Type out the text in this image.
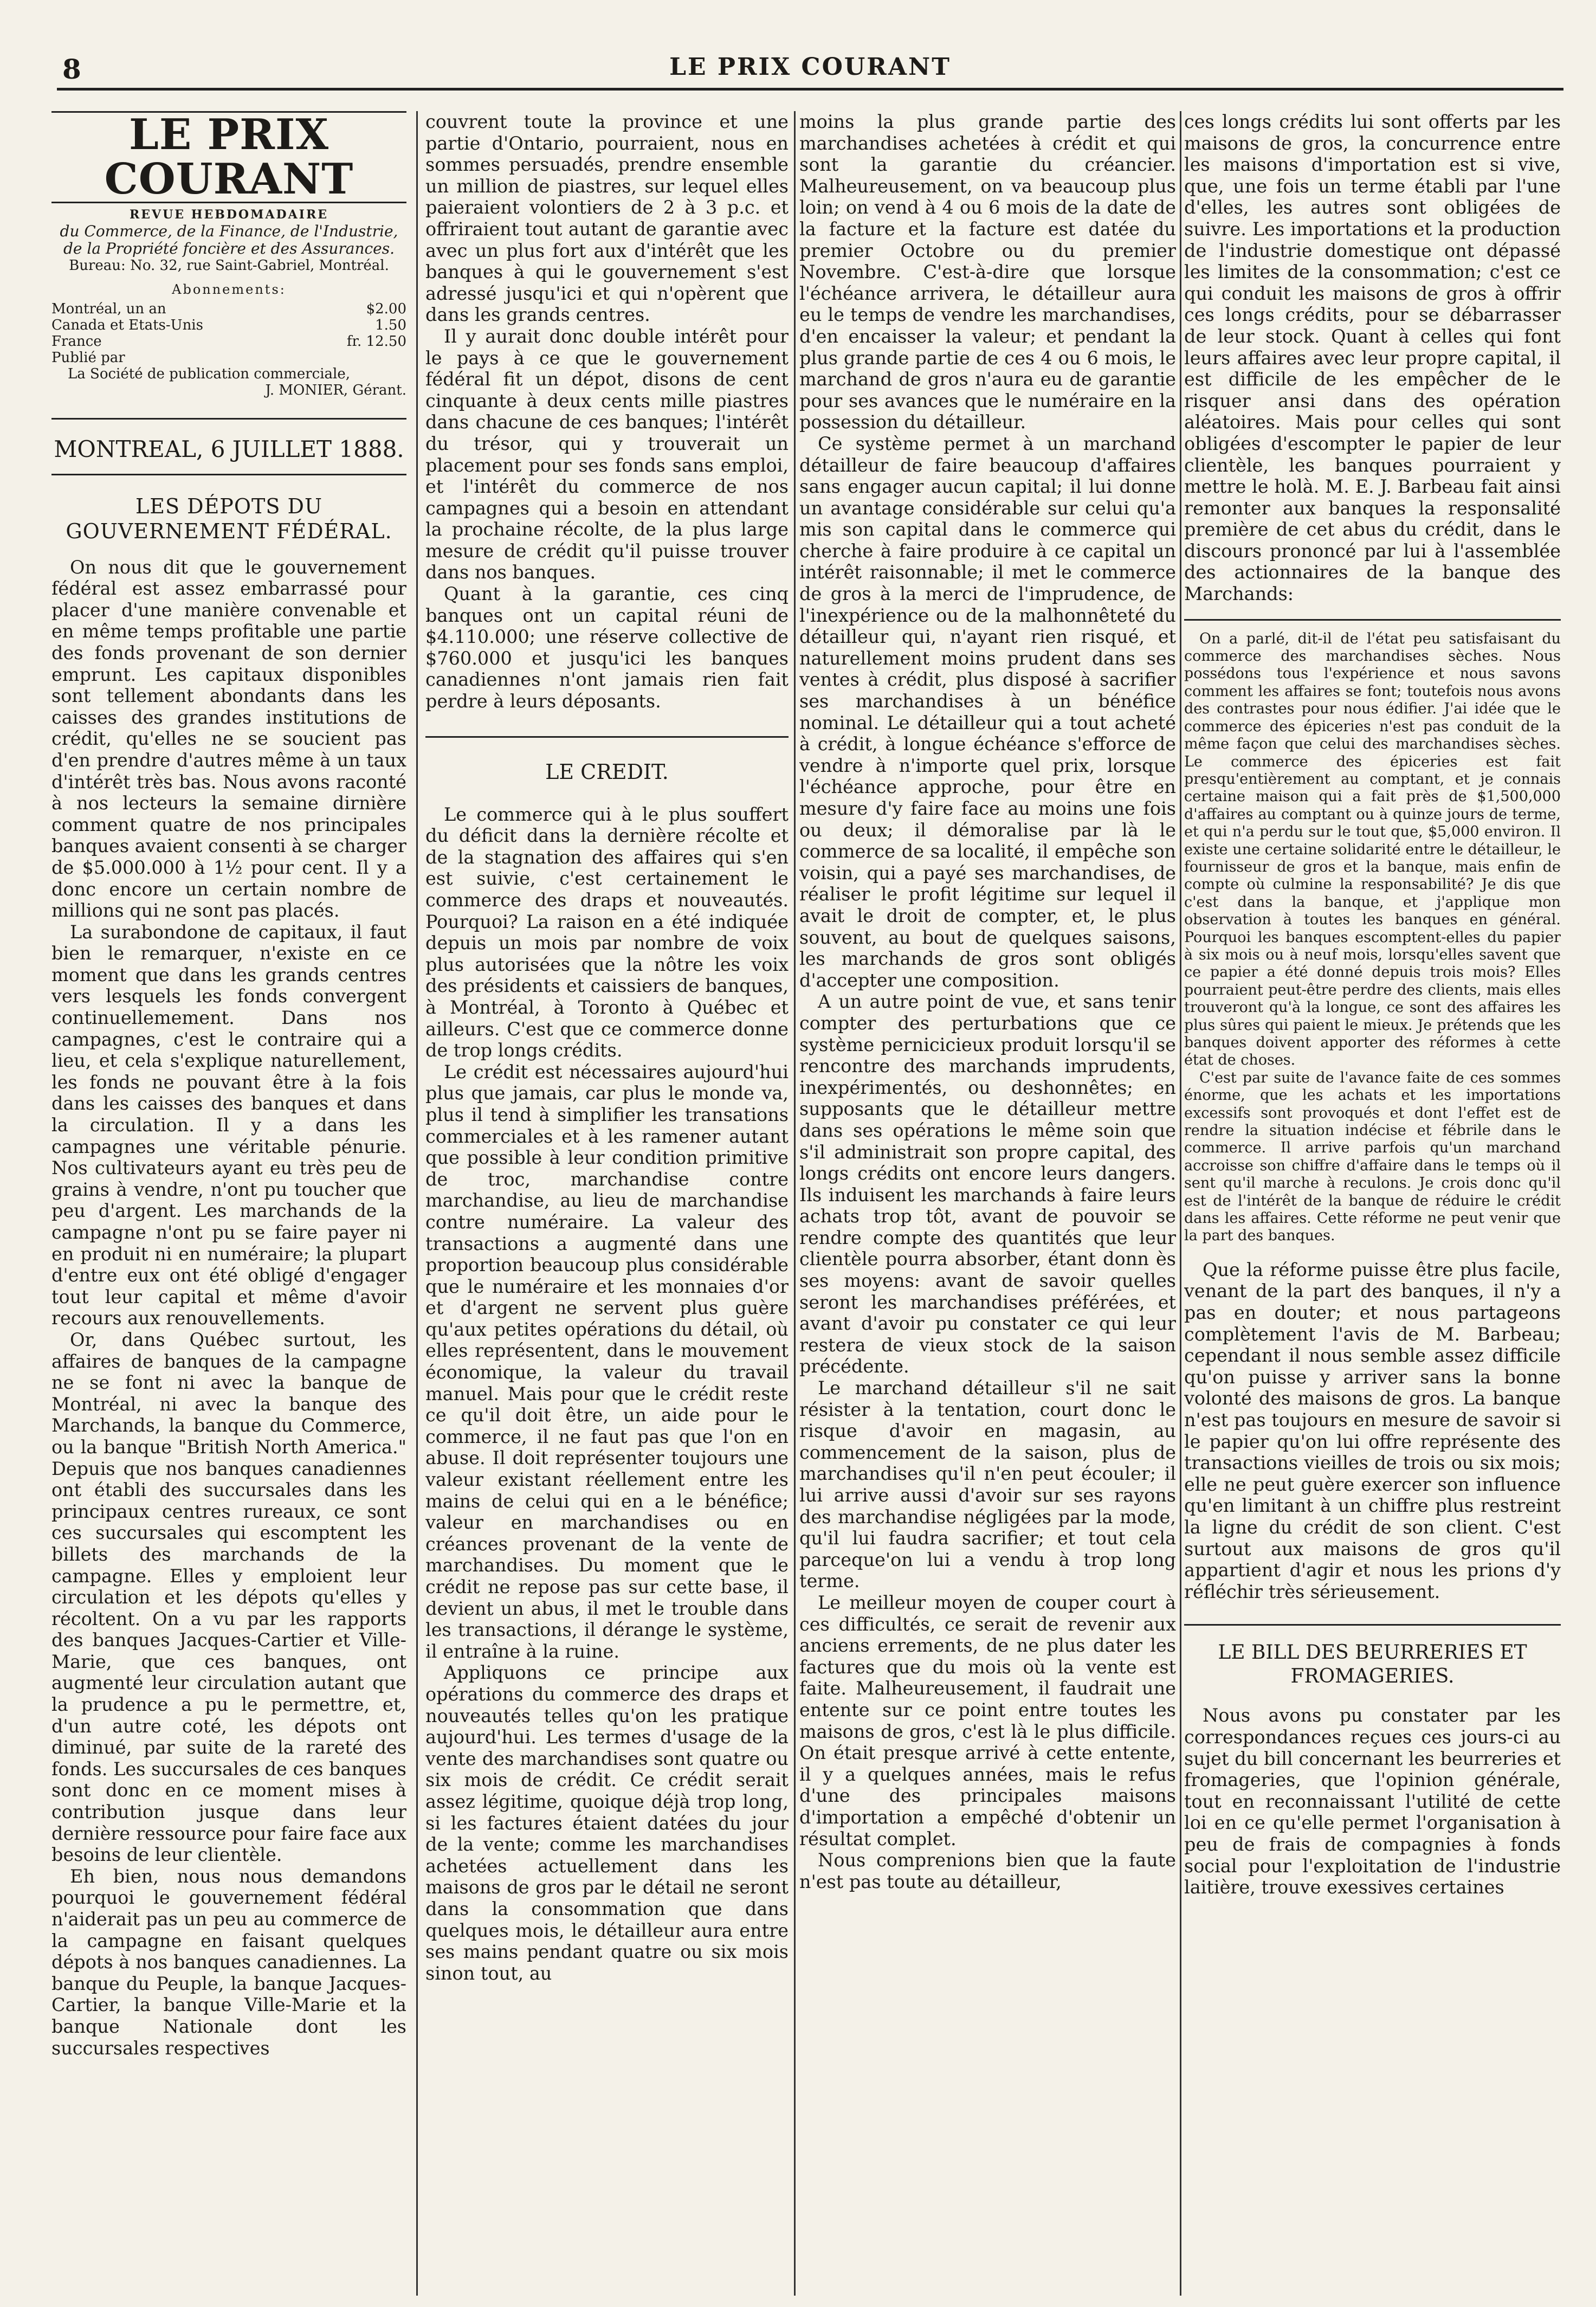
8	LE PRIX COURANT
LE PRIX COURANT
REVUE HEBDOMADAIRE
du Commerce, de la Finance, de l'Industrie, de la Propriété foncière et des Assurances.
Bureau: No. 32, rue Saint-Gabriel, Montréal.
Abonnements:
Montréal, un an	$2.00
Canada et Etats-Unis	1.50
France	fr. 12.50
Publié par
La Société de publication commerciale,
J. MONIER, Gérant.
MONTREAL, 6 JUILLET 1888.
LES DÉPOTS DU GOUVERNEMENT FÉDÉRAL.

On nous dit que le gouvernement fédéral est assez embarrassé pour placer d'une manière convenable et en même temps profitable une partie des fonds provenant de son dernier emprunt. Les capitaux disponibles sont tellement abondants dans les caisses des grandes institutions de crédit, qu'elles ne se soucient pas d'en prendre d'autres même à un taux d'intérêt très bas. Nous avons raconté à nos lecteurs la semaine dirnière comment quatre de nos principales banques avaient consenti à se charger de $5.000.000 à 1½ pour cent. Il y a donc encore un certain nombre de millions qui ne sont pas placés.

La surabondone de capitaux, il faut bien le remarquer, n'existe en ce moment que dans les grands centres vers lesquels les fonds convergent continuellemement. Dans nos campagnes, c'est le contraire qui a lieu, et cela s'explique naturellement, les fonds ne pouvant être à la fois dans les caisses des banques et dans la circulation. Il y a dans les campagnes une véritable pénurie. Nos cultivateurs ayant eu très peu de grains à vendre, n'ont pu toucher que peu d'argent. Les marchands de la campagne n'ont pu se faire payer ni en produit ni en numéraire; la plupart d'entre eux ont été obligé d'engager tout leur capital et même d'avoir recours aux renouvellements.

Or, dans Québec surtout, les affaires de banques de la campagne ne se font ni avec la banque de Montréal, ni avec la banque des Marchands, la banque du Commerce, ou la banque "British North America." Depuis que nos banques canadiennes ont établi des succursales dans les principaux centres rureaux, ce sont ces succursales qui escomptent les billets des marchands de la campagne. Elles y emploient leur circulation et les dépots qu'elles y récoltent. On a vu par les rapports des banques Jacques-Cartier et Ville-Marie, que ces banques, ont augmenté leur circulation autant que la prudence a pu le permettre, et, d'un autre coté, les dépots ont diminué, par suite de la rareté des fonds. Les succursales de ces banques sont donc en ce moment mises à contribution jusque dans leur dernière ressource pour faire face aux besoins de leur clientèle.

Eh bien, nous nous demandons pourquoi le gouvernement fédéral n'aiderait pas un peu au commerce de la campagne en faisant quelques dépots à nos banques canadiennes. La banque du Peuple, la banque Jacques-Cartier, la banque Ville-Marie et la banque Nationale dont les succursales respectives

couvrent toute la province et une partie d'Ontario, pourraient, nous en sommes persuadés, prendre ensemble un million de piastres, sur lequel elles paieraient volontiers de 2 à 3 p.c. et offriraient tout autant de garantie avec avec un plus fort aux d'intérêt que les banques à qui le gouvernement s'est adressé jusqu'ici et qui n'opèrent que dans les grands centres.

Il y aurait donc double intérêt pour le pays à ce que le gouvernement fédéral fit un dépot, disons de cent cinquante à deux cents mille piastres dans chacune de ces banques; l'intérêt du trésor, qui y trouverait un placement pour ses fonds sans emploi, et l'intérêt du commerce de nos campagnes qui a besoin en attendant la prochaine récolte, de la plus large mesure de crédit qu'il puisse trouver dans nos banques.

Quant à la garantie, ces cinq banques ont un capital réuni de $4.110.000; une réserve collective de $760.000 et jusqu'ici les banques canadiennes n'ont jamais rien fait perdre à leurs déposants.

LE CREDIT.

Le commerce qui à le plus souffert du déficit dans la dernière récolte et de la stagnation des affaires qui s'en est suivie, c'est certainement le commerce des draps et nouveautés. Pourquoi? La raison en a été indiquée depuis un mois par nombre de voix plus autorisées que la nôtre les voix des présidents et caissiers de banques, à Montréal, à Toronto à Québec et ailleurs. C'est que ce commerce donne de trop longs crédits.

Le crédit est nécessaires aujourd'hui plus que jamais, car plus le monde va, plus il tend à simplifier les transations commerciales et à les ramener autant que possible à leur condition primitive de troc, marchandise contre marchandise, au lieu de marchandise contre numéraire. La valeur des transactions a augmenté dans une proportion beaucoup plus considérable que le numéraire et les monnaies d'or et d'argent ne servent plus guère qu'aux petites opérations du détail, où elles représentent, dans le mouvement économique, la valeur du travail manuel. Mais pour que le crédit reste ce qu'il doit être, un aide pour le commerce, il ne faut pas que l'on en abuse. Il doit représenter toujours une valeur existant réellement entre les mains de celui qui en a le bénéfice; valeur en marchandises ou en créances provenant de la vente de marchandises. Du moment que le crédit ne repose pas sur cette base, il devient un abus, il met le trouble dans les transactions, il dérange le système, il entraîne à la ruine.

Appliquons ce principe aux opérations du commerce des draps et nouveautés telles qu'on les pratique aujourd'hui. Les termes d'usage de la vente des marchandises sont quatre ou six mois de crédit. Ce crédit serait assez légitime, quoique déjà trop long, si les factures étaient datées du jour de la vente; comme les marchandises achetées actuellement dans les maisons de gros par le détail ne seront dans la consommation que dans quelques mois, le détailleur aura entre ses mains pendant quatre ou six mois sinon tout, au

moins la plus grande partie des marchandises achetées à crédit et qui sont la garantie du créancier. Malheureusement, on va beaucoup plus loin; on vend à 4 ou 6 mois de la date de la facture et la facture est datée du premier Octobre ou du premier Novembre. C'est-à-dire que lorsque l'échéance arrivera, le détailleur aura eu le temps de vendre les marchandises, d'en encaisser la valeur; et pendant la plus grande partie de ces 4 ou 6 mois, le marchand de gros n'aura eu de garantie pour ses avances que le numéraire en la possession du détailleur.

Ce système permet à un marchand détailleur de faire beaucoup d'affaires sans engager aucun capital; il lui donne un avantage considérable sur celui qu'a mis son capital dans le commerce qui cherche à faire produire à ce capital un intérêt raisonnable; il met le commerce de gros à la merci de l'imprudence, de l'inexpérience ou de la malhonnêteté du détailleur qui, n'ayant rien risqué, et naturellement moins prudent dans ses ventes à crédit, plus disposé à sacrifier ses marchandises à un bénéfice nominal. Le détailleur qui a tout acheté à crédit, à longue échéance s'efforce de vendre à n'importe quel prix, lorsque l'échéance approche, pour être en mesure d'y faire face au moins une fois ou deux; il démoralise par là le commerce de sa localité, il empêche son voisin, qui a payé ses marchandises, de réaliser le profit légitime sur lequel il avait le droit de compter, et, le plus souvent, au bout de quelques saisons, les marchands de gros sont obligés d'accepter une composition.

A un autre point de vue, et sans tenir compter des perturbations que ce système pernicicieux produit lorsqu'il se rencontre des marchands imprudents, inexpérimentés, ou deshonnêtes; en supposants que le détailleur mettre dans ses opérations le même soin que s'il administrait son propre capital, des longs crédits ont encore leurs dangers. Ils induisent les marchands à faire leurs achats trop tôt, avant de pouvoir se rendre compte des quantités que leur clientèle pourra absorber, étant donn ès ses moyens: avant de savoir quelles seront les marchandises préférées, et avant d'avoir pu constater ce qui leur restera de vieux stock de la saison précédente.

Le marchand détailleur s'il ne sait résister à la tentation, court donc le risque d'avoir en magasin, au commencement de la saison, plus de marchandises qu'il n'en peut écouler; il lui arrive aussi d'avoir sur ses rayons des marchandise négligées par la mode, qu'il lui faudra sacrifier; et tout cela parceque'on lui a vendu à trop long terme.

Le meilleur moyen de couper court à ces difficultés, ce serait de revenir aux anciens errements, de ne plus dater les factures que du mois où la vente est faite. Malheureusement, il faudrait une entente sur ce point entre toutes les maisons de gros, c'est là le plus difficile. On était presque arrivé à cette entente, il y a quelques années, mais le refus d'une des principales maisons d'importation a empêché d'obtenir un résultat complet.

Nous comprenions bien que la faute n'est pas toute au détailleur,

ces longs crédits lui sont offerts par les maisons de gros, la concurrence entre les maisons d'importation est si vive, que, une fois un terme établi par l'une d'elles, les autres sont obligées de suivre. Les importations et la production de l'industrie domestique ont dépassé les limites de la consommation; c'est ce qui conduit les maisons de gros à offrir ces longs crédits, pour se débarrasser de leur stock. Quant à celles qui font leurs affaires avec leur propre capital, il est difficile de les empêcher de le risquer ansi dans des opération aléatoires. Mais pour celles qui sont obligées d'escompter le papier de leur clientèle, les banques pourraient y mettre le holà. M. E. J. Barbeau fait ainsi remonter aux banques la responsalité première de cet abus du crédit, dans le discours prononcé par lui à l'assemblée des actionnaires de la banque des Marchands:

On a parlé, dit-il de l'état peu satisfaisant du commerce des marchandises sèches. Nous possédons tous l'expérience et nous savons comment les affaires se font; toutefois nous avons des contrastes pour nous édifier. J'ai idée que le commerce des épiceries n'est pas conduit de la même façon que celui des marchandises sèches. Le commerce des épiceries est fait presqu'entièrement au comptant, et je connais certaine maison qui a fait près de $1,500,000 d'affaires au comptant ou à quinze jours de terme, et qui n'a perdu sur le tout que, $5,000 environ. Il existe une certaine solidarité entre le détailleur, le fournisseur de gros et la banque, mais enfin de compte où culmine la responsabilité? Je dis que c'est dans la banque, et j'applique mon observation à toutes les banques en général. Pourquoi les banques escomptent-elles du papier à six mois ou à neuf mois, lorsqu'elles savent que ce papier a été donné depuis trois mois? Elles pourraient peut-être perdre des clients, mais elles trouveront qu'à la longue, ce sont des affaires les plus sûres qui paient le mieux. Je prétends que les banques doivent apporter des réformes à cette état de choses.

C'est par suite de l'avance faite de ces sommes énorme, que les achats et les importations excessifs sont provoqués et dont l'effet est de rendre la situation indécise et fébrile dans le commerce. Il arrive parfois qu'un marchand accroisse son chiffre d'affaire dans le temps où il sent qu'il marche à reculons. Je crois donc qu'il est de l'intérêt de la banque de réduire le crédit dans les affaires. Cette réforme ne peut venir que la part des banques.

Que la réforme puisse être plus facile, venant de la part des banques, il n'y a pas en douter; et nous partageons complètement l'avis de M. Barbeau; cependant il nous semble assez difficile qu'on puisse y arriver sans la bonne volonté des maisons de gros. La banque n'est pas toujours en mesure de savoir si le papier qu'on lui offre représente des transactions vieilles de trois ou six mois; elle ne peut guère exercer son influence qu'en limitant à un chiffre plus restreint la ligne du crédit de son client. C'est surtout aux maisons de gros qu'il appartient d'agir et nous les prions d'y réfléchir très sérieusement.

LE BILL DES BEURRERIES ET FROMAGERIES.

Nous avons pu constater par les correspondances reçues ces jours-ci au sujet du bill concernant les beurreries et fromageries, que l'opinion générale, tout en reconnaissant l'utilité de cette loi en ce qu'elle permet l'organisation à peu de frais de compagnies à fonds social pour l'exploitation de l'industrie laitière, trouve exessives certaines
